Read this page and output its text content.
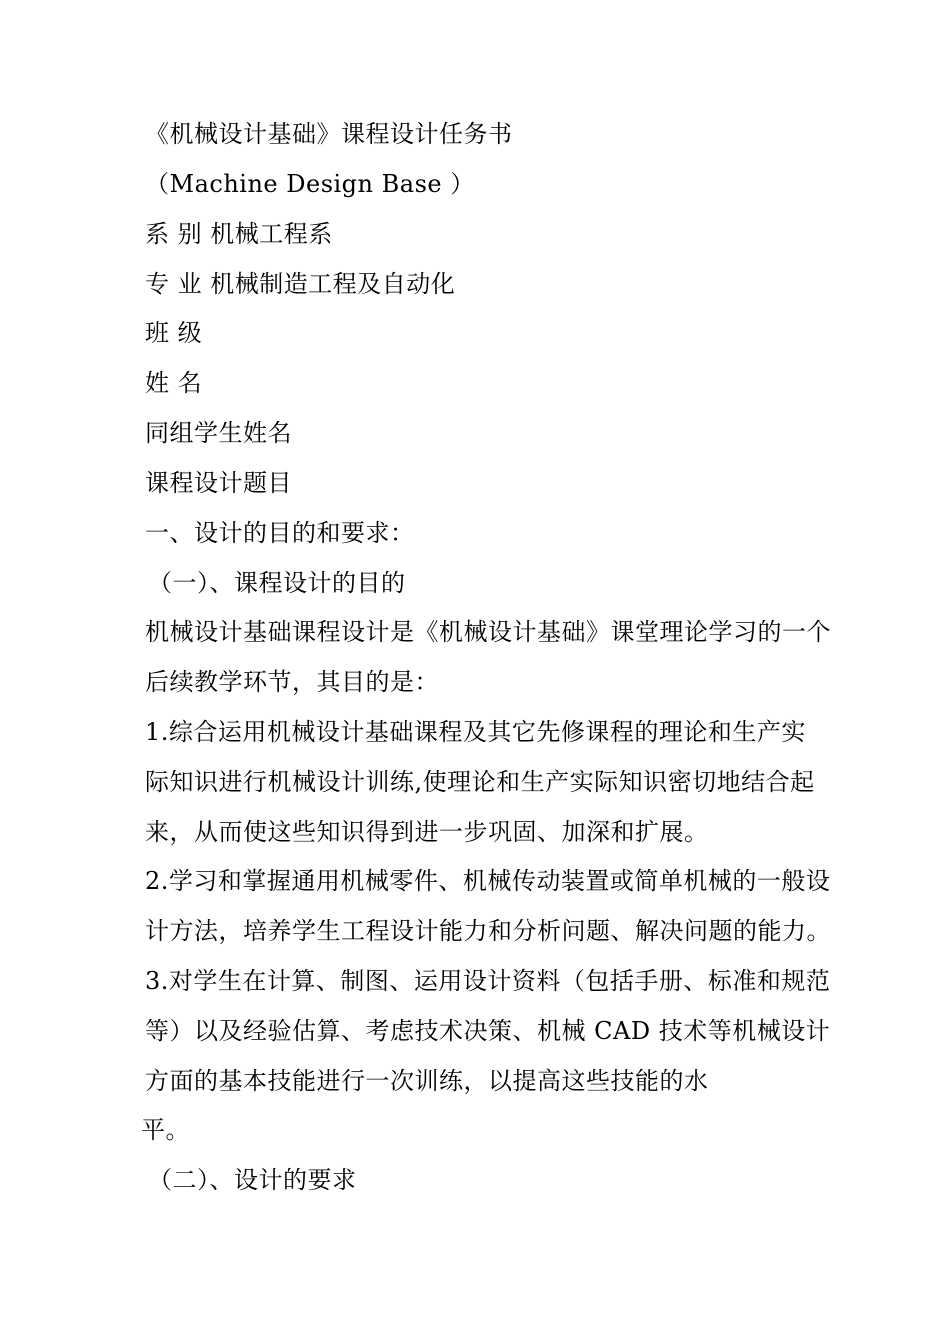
《机械设计基础》课程设计任务书
（Machine Design Base ）
系 别 机械工程系
专 业 机械制造工程及自动化
班 级
姓 名
同组学生姓名
课程设计题目
一、设计的目的和要求：
（一）、课程设计的目的
机械设计基础课程设计是《机械设计基础》课堂理论学习的一个
后续教学环节，其目的是：
1.综合运用机械设计基础课程及其它先修课程的理论和生产实
际知识进行机械设计训练,使理论和生产实际知识密切地结合起
来，从而使这些知识得到进一步巩固、加深和扩展。
2.学习和掌握通用机械零件、机械传动装置或简单机械的一般设
计方法，培养学生工程设计能力和分析问题、解决问题的能力。
3.对学生在计算、制图、运用设计资料（包括手册、标准和规范
等）以及经验估算、考虑技术决策、机械 CAD 技术等机械设计
方面的基本技能进行一次训练，以提高这些技能的水
平。
（二）、设计的要求
